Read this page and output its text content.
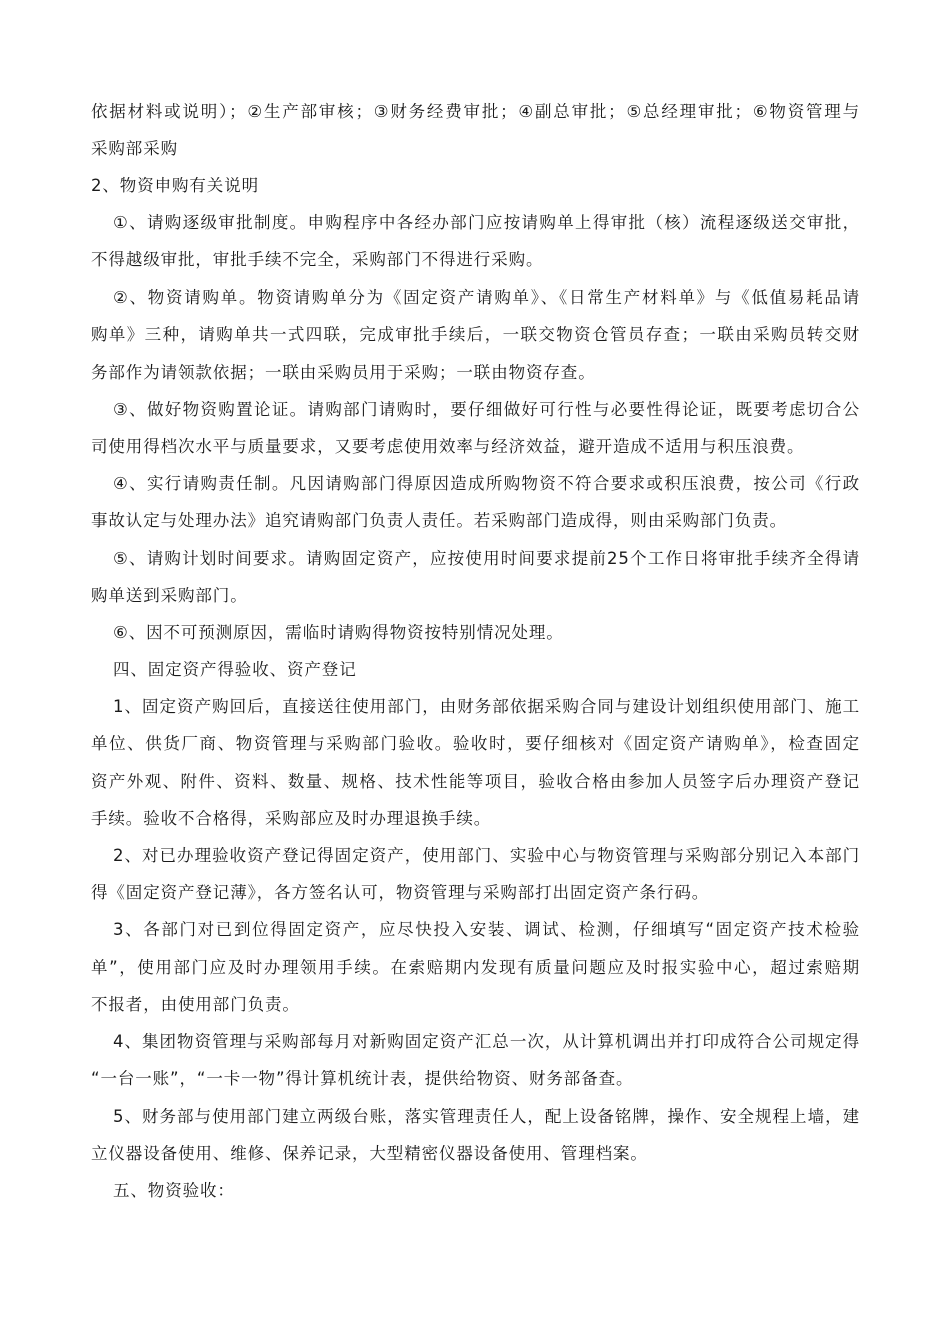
依据材料或说明）；②生产部审核；③财务经费审批；④副总审批；⑤总经理审批；⑥物资管理与
采购部采购
2、物资申购有关说明
①、请购逐级审批制度。申购程序中各经办部门应按请购单上得审批（核）流程逐级送交审批，
不得越级审批，审批手续不完全，采购部门不得进行采购。
②、物资请购单。物资请购单分为《固定资产请购单》、《日常生产材料单》与《低值易耗品请
购单》三种，请购单共一式四联，完成审批手续后，一联交物资仓管员存查；一联由采购员转交财
务部作为请领款依据；一联由采购员用于采购；一联由物资存查。
③、做好物资购置论证。请购部门请购时，要仔细做好可行性与必要性得论证，既要考虑切合公
司使用得档次水平与质量要求，又要考虑使用效率与经济效益，避开造成不适用与积压浪费。
④、实行请购责任制。凡因请购部门得原因造成所购物资不符合要求或积压浪费，按公司《行政
事故认定与处理办法》追究请购部门负责人责任。若采购部门造成得，则由采购部门负责。
⑤、请购计划时间要求。请购固定资产，应按使用时间要求提前25个工作日将审批手续齐全得请
购单送到采购部门。
⑥、因不可预测原因，需临时请购得物资按特别情况处理。
四、固定资产得验收、资产登记
1、固定资产购回后，直接送往使用部门，由财务部依据采购合同与建设计划组织使用部门、施工
单位、供货厂商、物资管理与采购部门验收。验收时，要仔细核对《固定资产请购单》，检查固定
资产外观、附件、资料、数量、规格、技术性能等项目，验收合格由参加人员签字后办理资产登记
手续。验收不合格得，采购部应及时办理退换手续。
2、对已办理验收资产登记得固定资产，使用部门、实验中心与物资管理与采购部分别记入本部门
得《固定资产登记薄》，各方签名认可，物资管理与采购部打出固定资产条行码。
3、各部门对已到位得固定资产，应尽快投入安装、调试、检测，仔细填写“固定资产技术检验
单”，使用部门应及时办理领用手续。在索赔期内发现有质量问题应及时报实验中心，超过索赔期
不报者，由使用部门负责。
4、集团物资管理与采购部每月对新购固定资产汇总一次，从计算机调出并打印成符合公司规定得
“一台一账”，“一卡一物”得计算机统计表，提供给物资、财务部备查。
5、财务部与使用部门建立两级台账，落实管理责任人，配上设备铭牌，操作、安全规程上墙，建
立仪器设备使用、维修、保养记录，大型精密仪器设备使用、管理档案。
五、物资验收：
